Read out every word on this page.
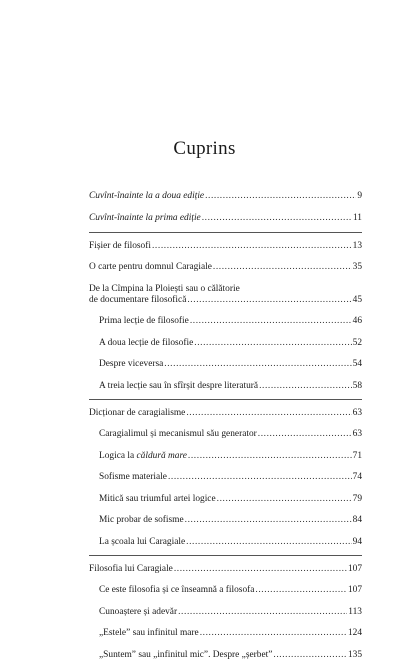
Cuprins
Cuvînt-înainte la a doua ediție .....	9
Cuvînt-înainte la prima ediție .....	11
Fișier de filosofi .....	13
O carte pentru domnul Caragiale .....	35
De la Cîmpina la Ploiești sau o călătorie
de documentare filosofică .....	45
Prima lecție de filosofie .....	46
A doua lecție de filosofie .....	52
Despre viceversa .....	54
A treia lecție sau în sfîrșit despre literatură .....	58
Dicționar de caragialisme .....	63
Caragialimul și mecanismul său generator .....	63
Logica la căldură mare .....	71
Sofisme materiale .....	74
Mitică sau triumful artei logice .....	79
Mic probar de sofisme .....	84
La școala lui Caragiale .....	94
Filosofia lui Caragiale .....	107
Ce este filosofia și ce înseamnă a filosofa .....	107
Cunoaștere și adevăr .....	113
„Estele” sau infinitul mare .....	124
„Suntem” sau „infinitul mic”. Despre „șerbet” .....	135
